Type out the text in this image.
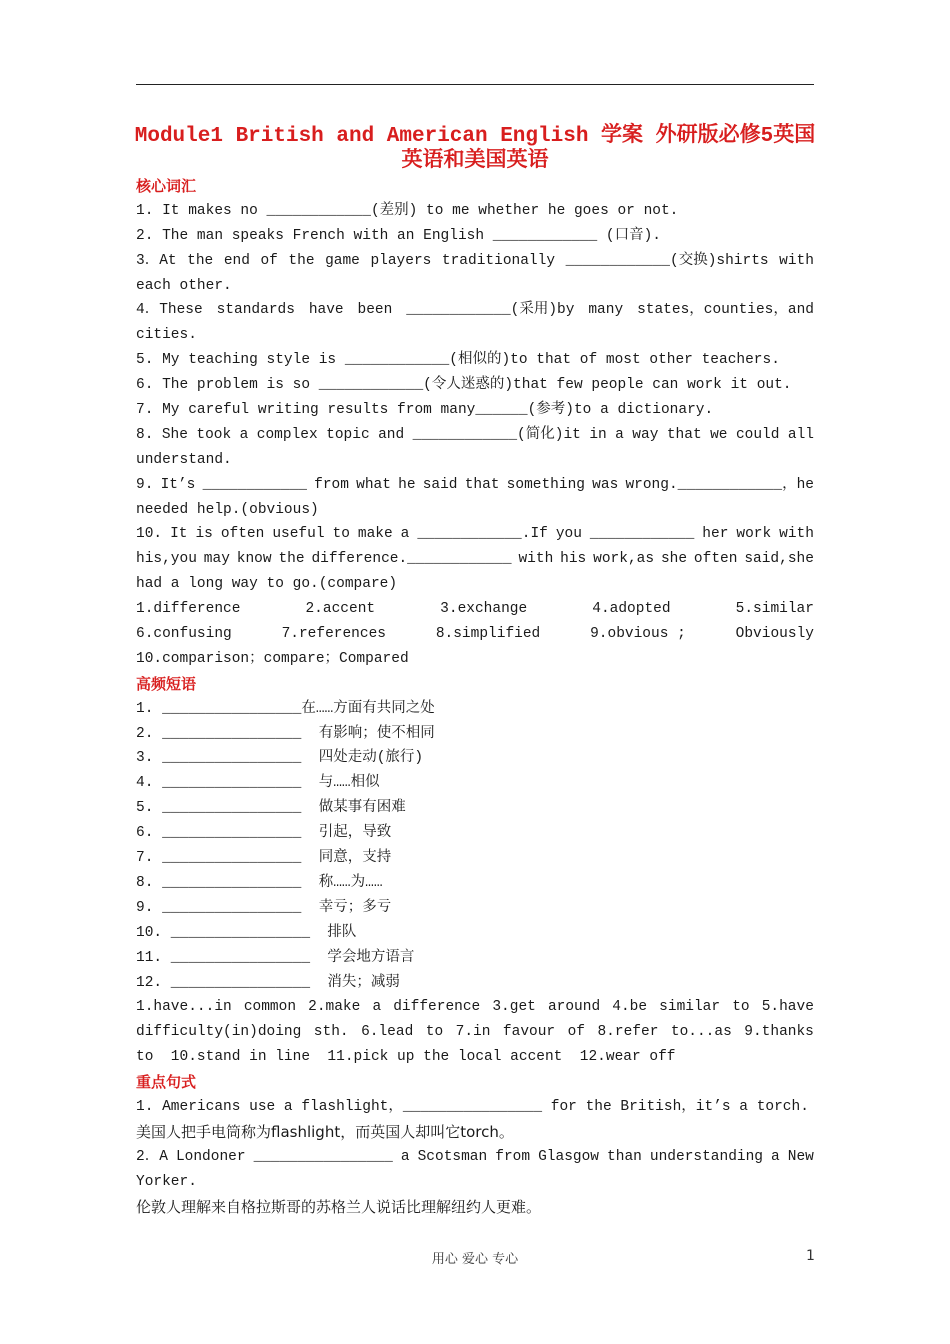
Module1 British and American English 学案 外研版必修5英国
英语和美国英语
核心词汇
1. It makes no ____________(差别) to me whether he goes or not.
2. The man speaks French with an English ____________ (口音).
3．At the end of the game players traditionally ____________(交换)shirts with
each other.
4．These standards have been ____________(采用)by many states，counties，and
cities.
5. My teaching style is ____________(相似的)to that of most other teachers.
6. The problem is so ____________(令人迷惑的)that few people can work it out.
7. My careful writing results from many______(参考)to a dictionary.
8. She took a complex topic and ____________(简化)it in a way that we could all
understand.
9. It’s ____________ from what he said that something was wrong.____________，he
needed help.(obvious)
10. It is often useful to make a ____________.If you ____________ her work with
his,you may know the difference.____________ with his work,as she often said,she
had a long way to go.(compare)
1.difference	2.accent	3.exchange	4.adopted	5.similar
6.confusing	7.references	8.simplified	9.obvious ;	Obviously
10.comparison；compare；Compared
高频短语
1. ________________在……方面有共同之处
2. ________________  有影响；使不相同
3. ________________  四处走动(旅行)
4. ________________  与……相似
5. ________________  做某事有困难
6. ________________  引起，导致
7. ________________  同意，支持
8. ________________  称……为……
9. ________________  幸亏；多亏
10. ________________  排队
11. ________________  学会地方语言
12. ________________  消失；减弱
1.have...in common 2.make a difference 3.get around 4.be similar to 5.have
difficulty(in)doing sth. 6.lead to 7.in favour of 8.refer to...as 9.thanks
to  10.stand in line  11.pick up the local accent  12.wear off
重点句式
1. Americans use a flashlight，________________ for the British，it’s a torch.
美国人把手电筒称为flashlight，而英国人却叫它torch。
2．A Londoner ________________ a Scotsman from Glasgow than understanding a New
Yorker.
伦敦人理解来自格拉斯哥的苏格兰人说话比理解纽约人更难。
用心 爱心 专心	1
